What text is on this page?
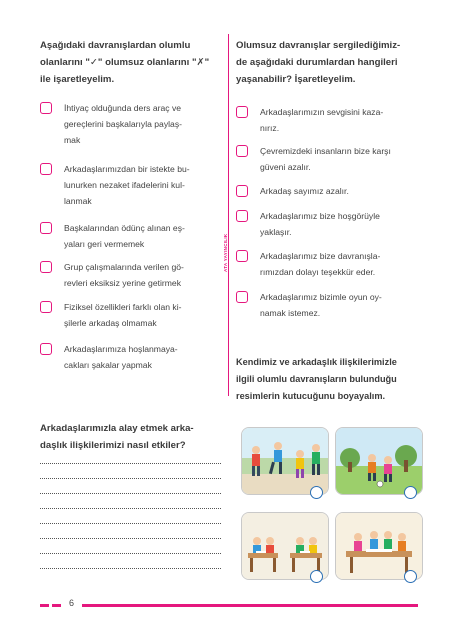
Aşağıdaki davranışlardan olumlu
olanlarını "✓" olumsuz olanlarını "✗"
ile işaretleyelim.
İhtiyaç olduğunda ders araç ve
gereçlerini başkalarıyla paylaş-
mak
Arkadaşlarımızdan bir istekte bu-
lunurken nezaket ifadelerini kul-
lanmak
Başkalarından ödünç alınan eş-
yaları geri vermemek
Grup çalışmalarında verilen gö-
revleri eksiksiz yerine getirmek
Fiziksel özellikleri farklı olan ki-
şilerle arkadaş olmamak
Arkadaşlarımıza hoşlanmaya-
cakları şakalar yapmak
ATA YAYINCILIK
Olumsuz davranışlar sergilediğimiz-
de aşağıdaki durumlardan hangileri
yaşanabilir? İşaretleyelim.
Arkadaşlarımızın sevgisini kaza-
nırız.
Çevremizdeki insanların bize karşı
güveni azalır.
Arkadaş sayımız azalır.
Arkadaşlarımız bize hoşgörüyle
yaklaşır.
Arkadaşlarımız bize davranışla-
rımızdan dolayı teşekkür eder.
Arkadaşlarımız bizimle oyun oy-
namak istemez.
Arkadaşlarımızla alay etmek arka-
daşlık ilişkilerimizi nasıl etkiler?
Kendimiz ve arkadaşlık ilişkilerimizle
ilgili olumlu davranışların bulunduğu
resimlerin kutucuğunu boyayalım.
6
